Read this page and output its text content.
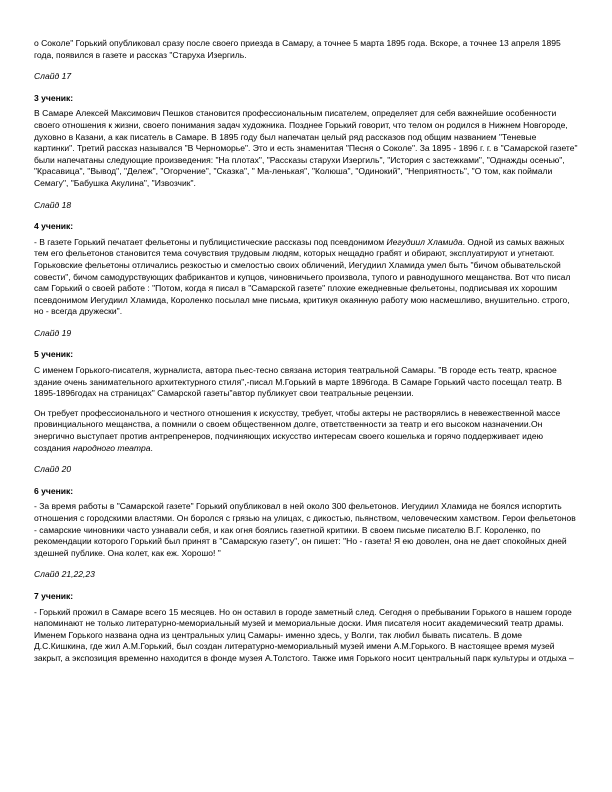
о Соколе" Горький опубликовал сразу после своего приезда в Самару, а точнее 5 марта 1895 года. Вскоре, а точнее 13 апреля 1895 года, появился в газете и рассказ "Старуха Изергиль.

Слайд 17

3 ученик:

В Самаре Алексей Максимович Пешков становится профессиональным писателем, определяет для себя важнейшие особенности своего отношения к жизни, своего понимания задач художника. Позднее Горький говорит, что телом он родился в Нижнем Новгороде, духовно в Казани, а как писатель в Самаре. В 1895 году был напечатан целый ряд рассказов под общим названием "Теневые картинки". Третий рассказ назывался "В Черноморье". Это и есть знаменитая "Песня о Соколе". За 1895 - 1896 г. г. в "Самарской газете" были напечатаны следующие произведения: "На плотах", "Рассказы старухи Изергиль", "История с застежками", "Однажды осенью", "Красавица", "Вывод", "Дележ", "Огорчение", "Сказка", " Ма-ленькая", "Колюша", "Одинокий", "Неприятность", "О том, как поймали Семагу", "Бабушка Акулина", "Извозчик".

Слайд 18

4 ученик:

- В газете Горький печатает фельетоны и публицистические рассказы под псевдонимом Иегудиил Хламида. Одной из самых важных тем его фельетонов становится тема сочувствия трудовым людям, которых нещадно грабят и обирают, эксплуатируют и угнетают. Горьковские фельетоны отличались резкостью и смелостью своих обличений, Иегудиил Хламида умел быть "бичом обывательской совести", бичом самодурствующих фабрикантов и купцов, чиновничьего произвола, тупого и равнодушного мещанства. Вот что писал сам Горький о своей работе : "Потом, когда я писал в "Самарской газете" плохие ежедневные фельетоны, подписывая их хорошим псевдонимом Иегудиил Хламида, Короленко посылал мне письма, критикуя окаянную работу мою насмешливо, внушительно. строго, но - всегда дружески".

Слайд 19

5 ученик:

С именем Горького-писателя, журналиста, автора пьес-тесно связана история театральной Самары. "В городе есть театр, красное здание очень занимательного архитектурного стиля",-писал М.Горький в марте 1896года. В Самаре Горький часто посещал театр. В 1895-1896годах на страницах" Самарской газеты"автор публикует свои театральные рецензии.

Он требует профессионального и честного отношения к искусству, требует, чтобы актеры не растворялись в невежественной массе провинциального мещанства, а помнили о своем общественном долге, ответственности за театр и его высоком назначении.Он энергично выступает против антрепренеров, подчиняющих искусство интересам своего кошелька и горячо поддерживает идею создания народного театра.

Слайд 20

6 ученик:

- За время работы в "Самарской газете" Горький опубликовал в ней около 300 фельетонов. Иегудиил Хламида не боялся испортить отношения с городскими властями. Он боролся с грязью на улицах, с дикостью, пьянством, человеческим хамством. Герои фельетонов - самарские чиновники часто узнавали себя, и как огня боялись газетной критики. В своем письме писателю В.Г. Короленко, по рекомендации которого Горький был принят в "Самарскую газету", он пишет: "Но - газета! Я ею доволен, она не дает спокойных дней здешней публике. Она колет, как еж. Хорошо! "

Слайд 21,22,23

7 ученик:

- Горький прожил в Самаре всего 15 месяцев. Но он оставил в городе заметный след. Сегодня о пребывании Горького в нашем городе напоминают не только литературно-мемориальный музей и мемориальные доски. Имя писателя носит академический театр драмы. Именем Горького названа одна из центральных улиц Самары- именно здесь, у Волги, так любил бывать писатель. В доме Д.С.Кишкина, где жил А.М.Горький, был создан литературно-мемориальный музей имени А.М.Горького. В настоящее время музей закрыт, а экспозиция временно находится в фонде музея А.Толстого. Также имя Горького носит центральный парк культуры и отдыха –
